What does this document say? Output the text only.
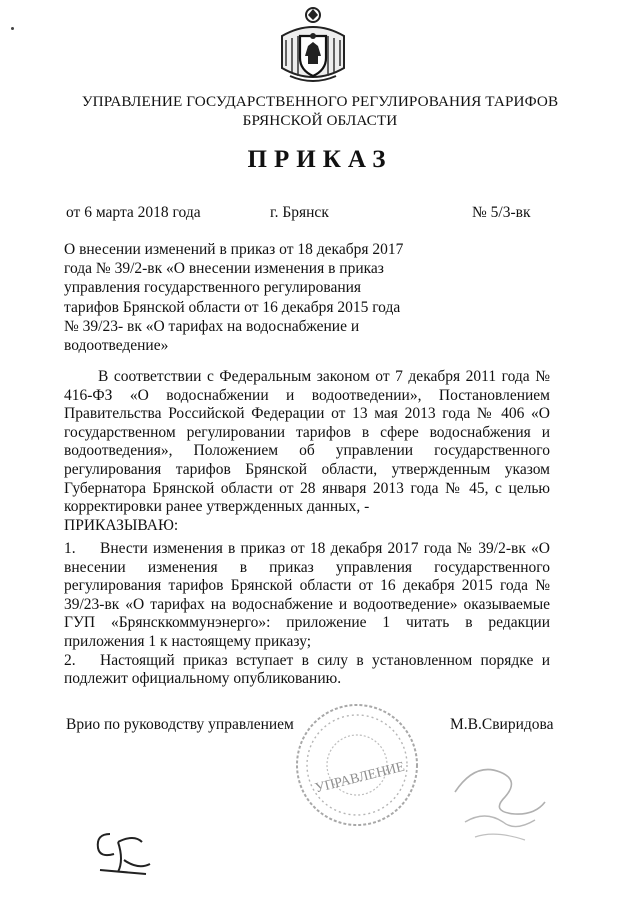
УПРАВЛЕНИЕ ГОСУДАРСТВЕННОГО РЕГУЛИРОВАНИЯ ТАРИФОВ
БРЯНСКОЙ ОБЛАСТИ
ПРИКАЗ
от 6 марта 2018 года	г. Брянск	№ 5/3-вк

О внесении изменений в приказ от 18 декабря 2017 года № 39/2-вк «О внесении изменения в приказ управления государственного регулирования тарифов Брянской области от 16 декабря 2015 года № 39/23- вк «О тарифах на водоснабжение и водоотведение»

В соответствии с Федеральным законом от 7 декабря 2011 года № 416-ФЗ «О водоснабжении и водоотведении», Постановлением Правительства Российской Федерации от 13 мая 2013 года № 406 «О государственном регулировании тарифов в сфере водоснабжения и водоотведения», Положением об управлении государственного регулирования тарифов Брянской области, утвержденным указом Губернатора Брянской области от 28 января 2013 года № 45, с целью корректировки ранее утвержденных данных, -

ПРИКАЗЫВАЮ:

1. Внести изменения в приказ от 18 декабря 2017 года № 39/2-вк «О внесении изменения в приказ управления государственного регулирования тарифов Брянской области от 16 декабря 2015 года № 39/23-вк «О тарифах на водоснабжение и водоотведение» оказываемые ГУП «Брянсккоммунэнерго»: приложение 1 читать в редакции приложения 1 к настоящему приказу;

2. Настоящий приказ вступает в силу в установленном порядке и подлежит официальному опубликованию.

Врио по руководству управлением	М.В.Свиридова
УПРАВЛЕНИЕ
